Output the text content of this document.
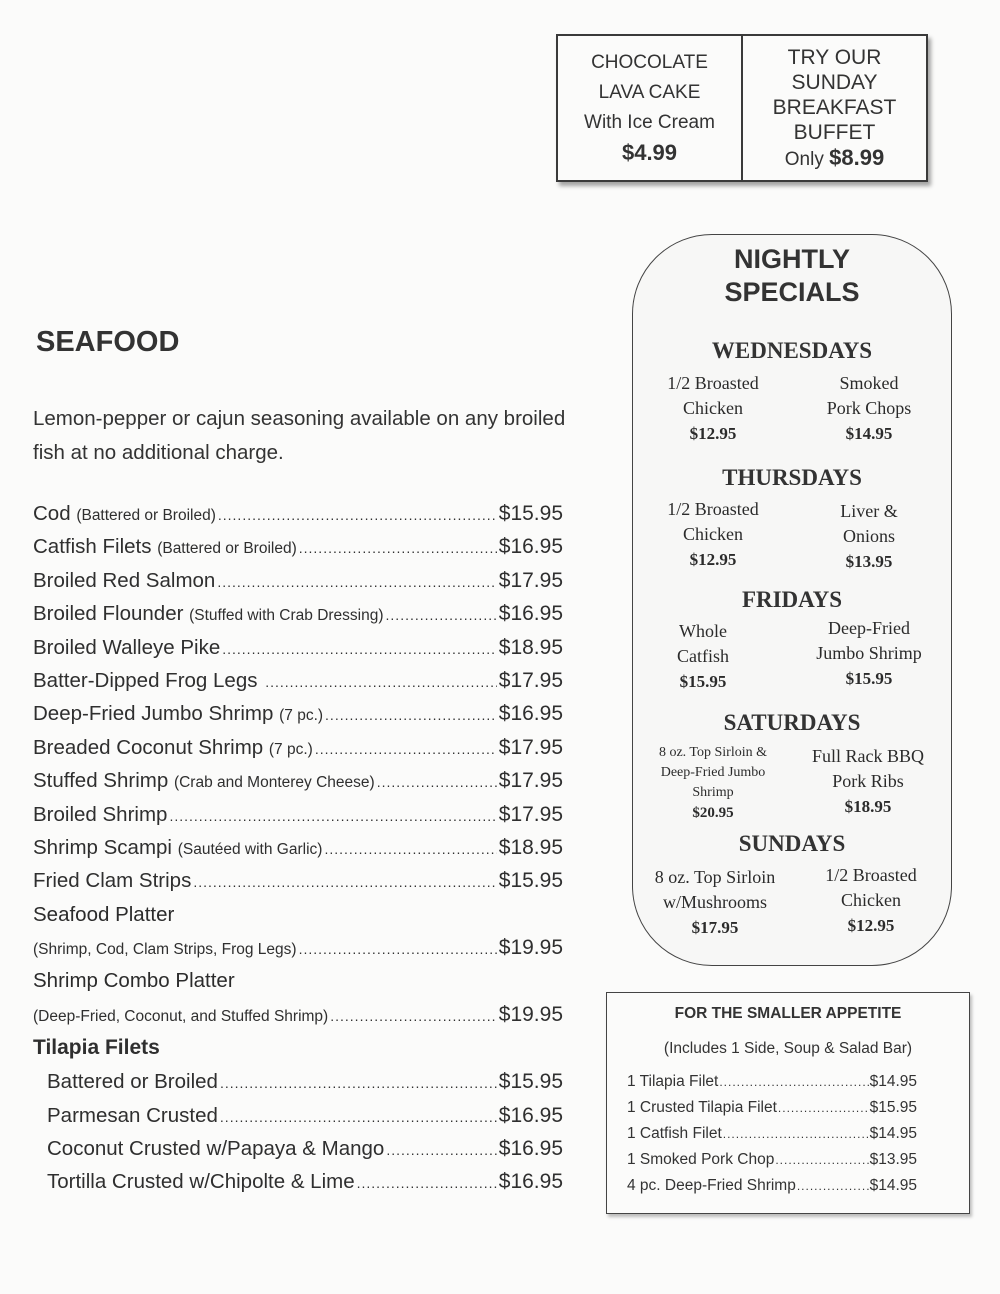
CHOCOLATE
LAVA CAKE
With Ice Cream
$4.99
TRY OUR
SUNDAY
BREAKFAST
BUFFET
Only $8.99
SEAFOOD
Lemon-pepper or cajun seasoning available on any broiled fish at no additional charge.
Cod
(Battered or Broiled) .....	$15.95
Catfish Filets
(Battered or Broiled) .....	$16.95
Broiled Red Salmon .....	$17.95
Broiled Flounder
(Stuffed with Crab Dressing) .....	$16.95
Broiled Walleye Pike .....	$18.95
Batter-Dipped Frog Legs
.....	$17.95
Deep-Fried Jumbo Shrimp
(7 pc.) .....	$16.95
Breaded Coconut Shrimp
(7 pc.) .....	$17.95
Stuffed Shrimp
(Crab and Monterey Cheese) .....	$17.95
Broiled Shrimp .....	$17.95
Shrimp Scampi
(Sautéed with Garlic) .....	$18.95
Fried Clam Strips .....	$15.95
Seafood Platter
(Shrimp, Cod, Clam Strips, Frog Legs) .....	$19.95
Shrimp Combo Platter
(Deep-Fried, Coconut, and Stuffed Shrimp) .....	$19.95
Tilapia Filets
Battered or Broiled .....	$15.95
Parmesan Crusted .....	$16.95
Coconut Crusted w/Papaya & Mango .....	$16.95
Tortilla Crusted w/Chipolte & Lime .....	$16.95
NIGHTLY
SPECIALS
WEDNESDAYS
1/2 Broasted
Chicken
$12.95
Smoked
Pork Chops
$14.95
THURSDAYS
1/2 Broasted
Chicken
$12.95
Liver &
Onions
$13.95
FRIDAYS
Whole
Catfish
$15.95
Deep-Fried
Jumbo Shrimp
$15.95
SATURDAYS
8 oz. Top Sirloin &
Deep-Fried Jumbo
Shrimp
$20.95
Full Rack BBQ
Pork Ribs
$18.95
SUNDAYS
8 oz. Top Sirloin
w/Mushrooms
$17.95
1/2 Broasted
Chicken
$12.95
FOR THE SMALLER APPETITE
(Includes 1 Side, Soup & Salad Bar)
1 Tilapia Filet .....	$14.95
1 Crusted Tilapia Filet .....	$15.95
1 Catfish Filet .....	$14.95
1 Smoked Pork Chop .....	$13.95
4 pc. Deep-Fried Shrimp .....	$14.95
